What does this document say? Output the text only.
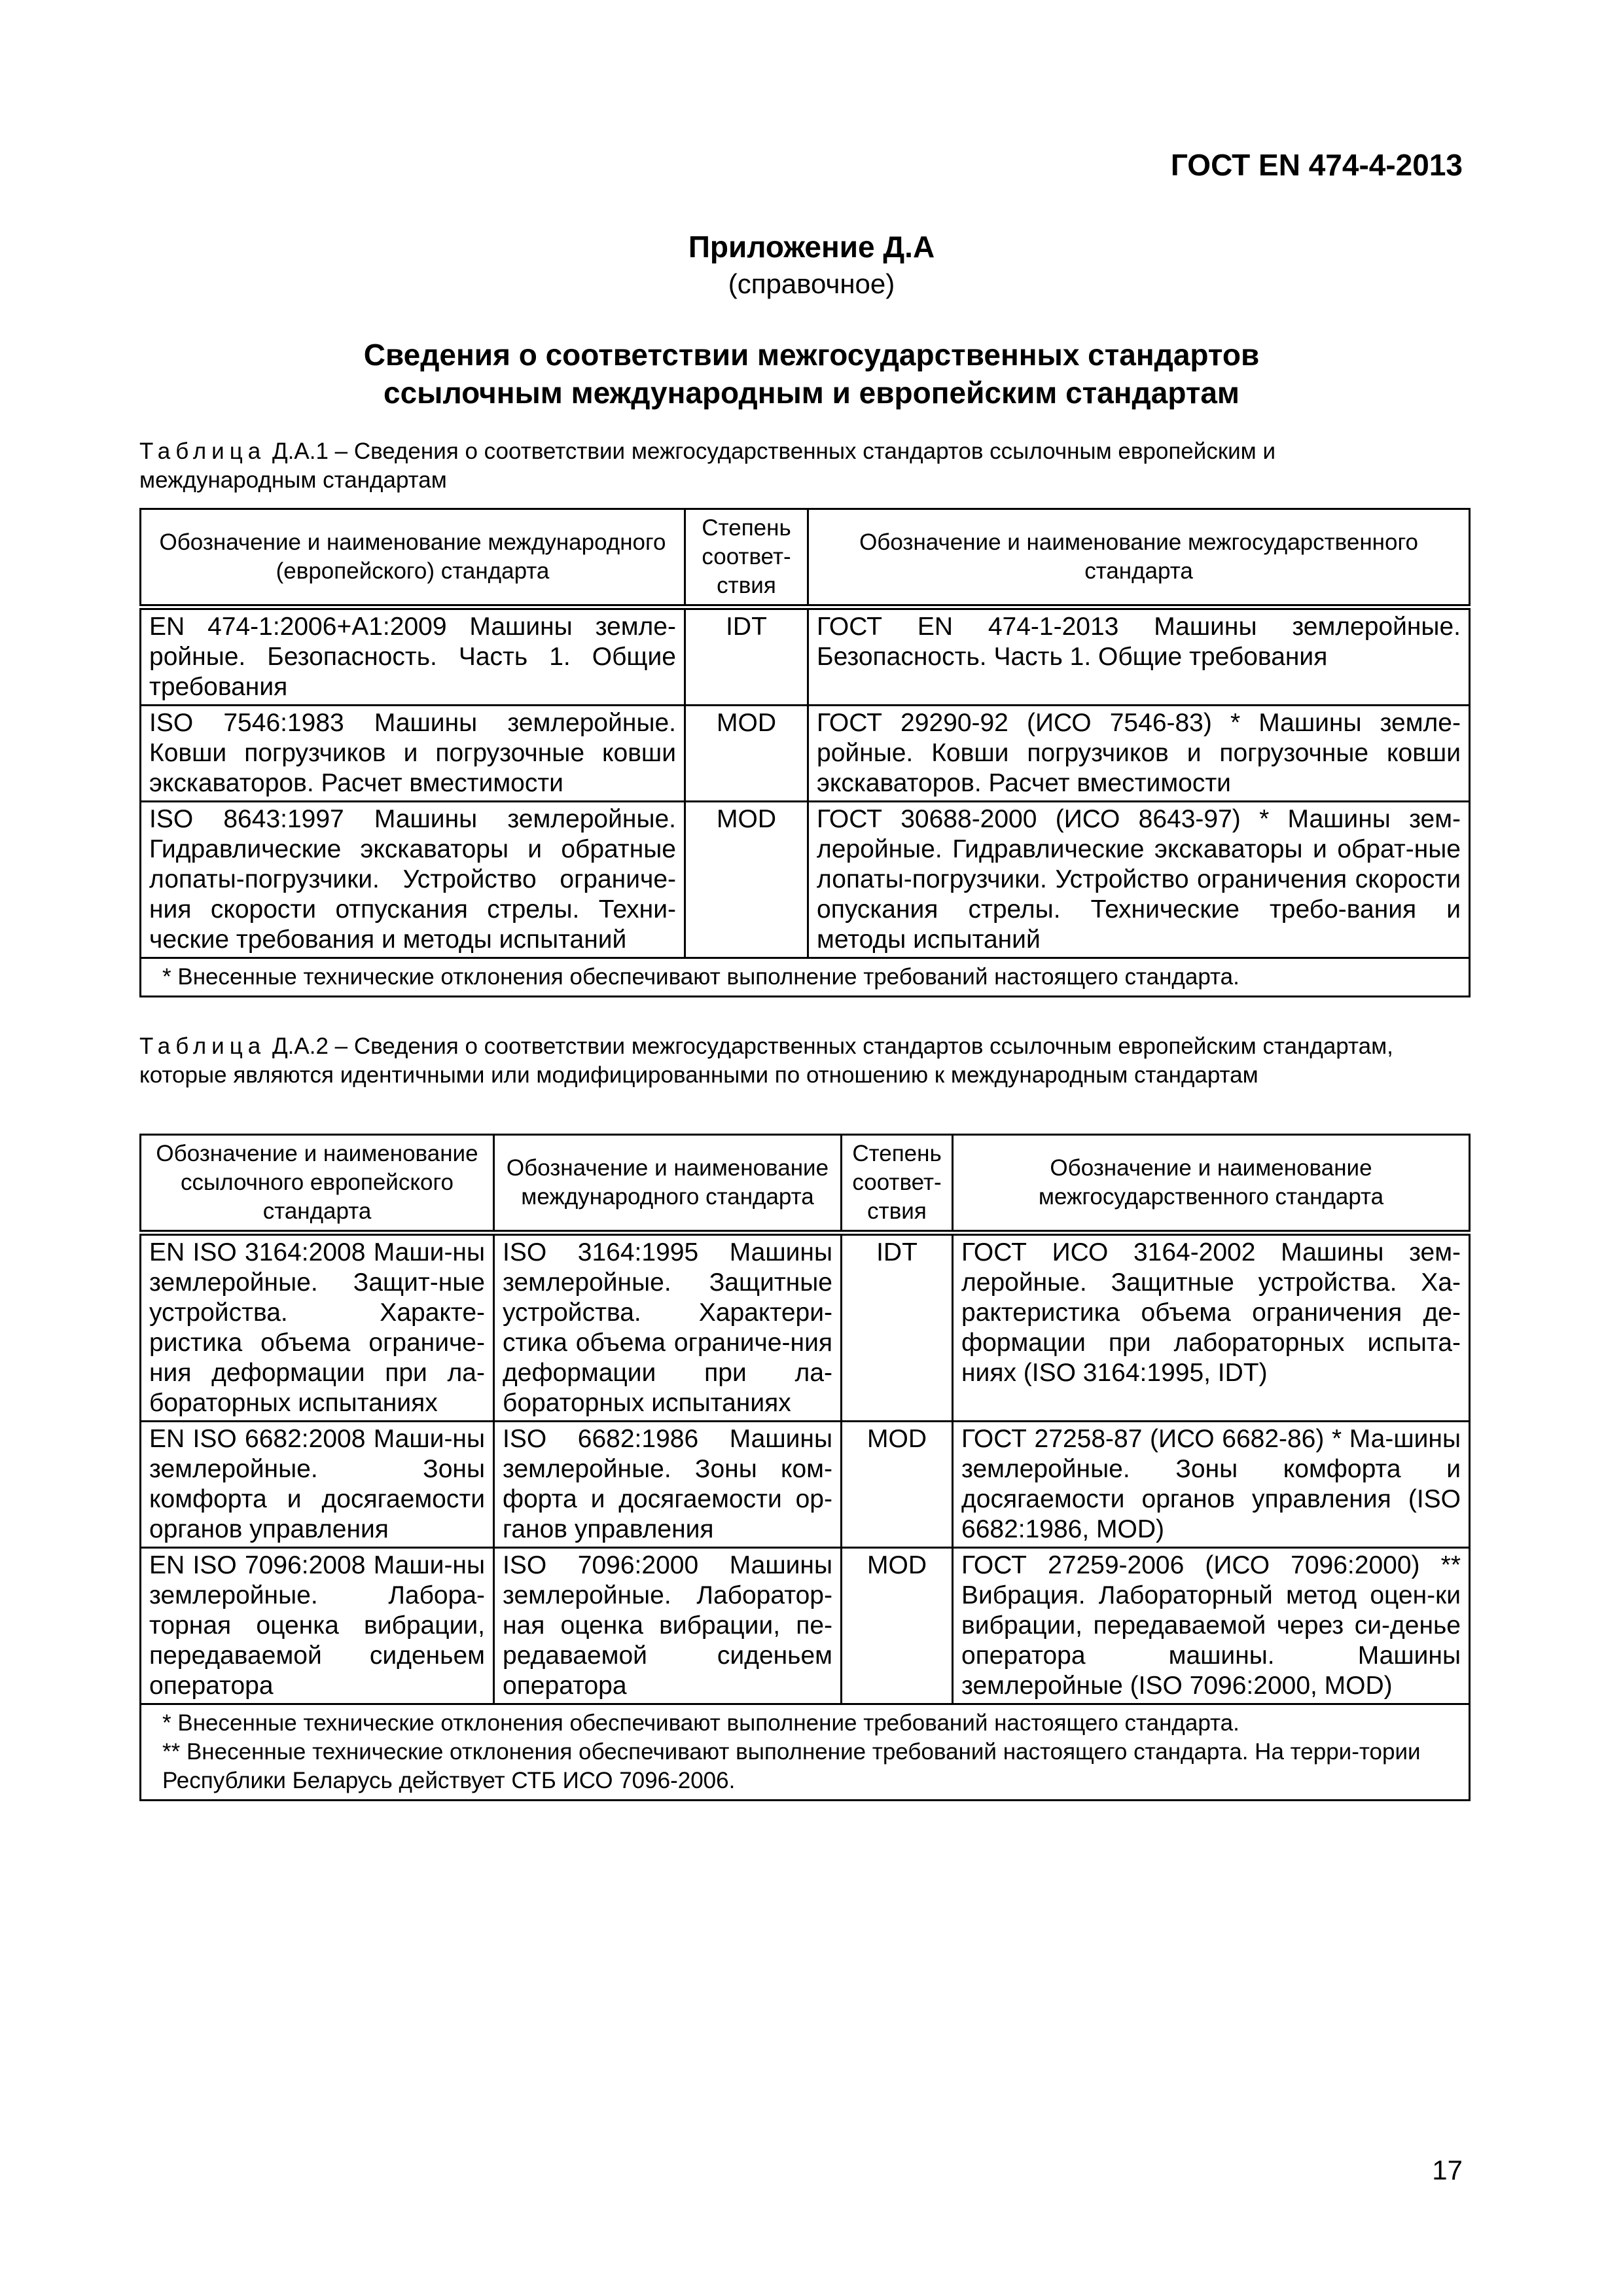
ГОСТ EN 474-4-2013
Приложение Д.А
(справочное)
Сведения о соответствии межгосударственных стандартов
ссылочным международным и европейским стандартам
Таблица Д.А.1 – Сведения о соответствии межгосударственных стандартов ссылочным европейским и международным стандартам
Обозначение и наименование международного (европейского) стандарта	Степень соответ-ствия	Обозначение и наименование межгосударственного стандарта
EN 474-1:2006+A1:2009 Машины земле-ройные. Безопасность. Часть 1. Общие требования	IDT	ГОСТ EN 474-1-2013 Машины землеройные. Безопасность. Часть 1. Общие требования
ISO 7546:1983 Машины землеройные. Ковши погрузчиков и погрузочные ковши экскаваторов. Расчет вместимости	MOD	ГОСТ 29290-92 (ИСО 7546-83) * Машины земле-ройные. Ковши погрузчиков и погрузочные ковши экскаваторов. Расчет вместимости
ISO 8643:1997 Машины землеройные. Гидравлические экскаваторы и обратные лопаты-погрузчики. Устройство ограниче-ния скорости отпускания стрелы. Техни-ческие требования и методы испытаний	MOD	ГОСТ 30688-2000 (ИСО 8643-97) * Машины зем-леройные. Гидравлические экскаваторы и обрат-ные лопаты-погрузчики. Устройство ограничения скорости опускания стрелы. Технические требо-вания и методы испытаний
* Внесенные технические отклонения обеспечивают выполнение требований настоящего стандарта.		
Таблица Д.А.2 – Сведения о соответствии межгосударственных стандартов ссылочным европейским стандартам, которые являются идентичными или модифицированными по отношению к международным стандартам
Обозначение и наименование ссылочного европейского стандарта	Обозначение и наименование международного стандарта	Степень соответ-ствия	Обозначение и наименование межгосударственного стандарта
EN ISO 3164:2008 Маши-ны землеройные. Защит-ные устройства. Характе-ристика объема ограниче-ния деформации при ла-бораторных испытаниях	ISO 3164:1995 Машины землеройные. Защитные устройства. Характери-стика объема ограниче-ния деформации при ла-бораторных испытаниях	IDT	ГОСТ ИСО 3164-2002 Машины зем-леройные. Защитные устройства. Ха-рактеристика объема ограничения де-формации при лабораторных испыта-ниях (ISO 3164:1995, IDT)
EN ISO 6682:2008 Маши-ны землеройные. Зоны комфорта и досягаемости органов управления	ISO 6682:1986 Машины землеройные. Зоны ком-форта и досягаемости ор-ганов управления	MOD	ГОСТ 27258-87 (ИСО 6682-86) * Ма-шины землеройные. Зоны комфорта и досягаемости органов управления (ISO 6682:1986, MOD)
EN ISO 7096:2008 Маши-ны землеройные. Лабора-торная оценка вибрации, передаваемой сиденьем оператора	ISO 7096:2000 Машины землеройные. Лаборатор-ная оценка вибрации, пе-редаваемой сиденьем оператора	MOD	ГОСТ 27259-2006 (ИСО 7096:2000) ** Вибрация. Лабораторный метод оцен-ки вибрации, передаваемой через си-денье оператора машины. Машины землеройные (ISO 7096:2000, MOD)

* Внесенные технические отклонения обеспечивают выполнение требований настоящего стандарта.
** Внесенные технические отклонения обеспечивают выполнение требований настоящего стандарта. На терри-тории Республики Беларусь действует СТБ ИСО 7096-2006.			
17
